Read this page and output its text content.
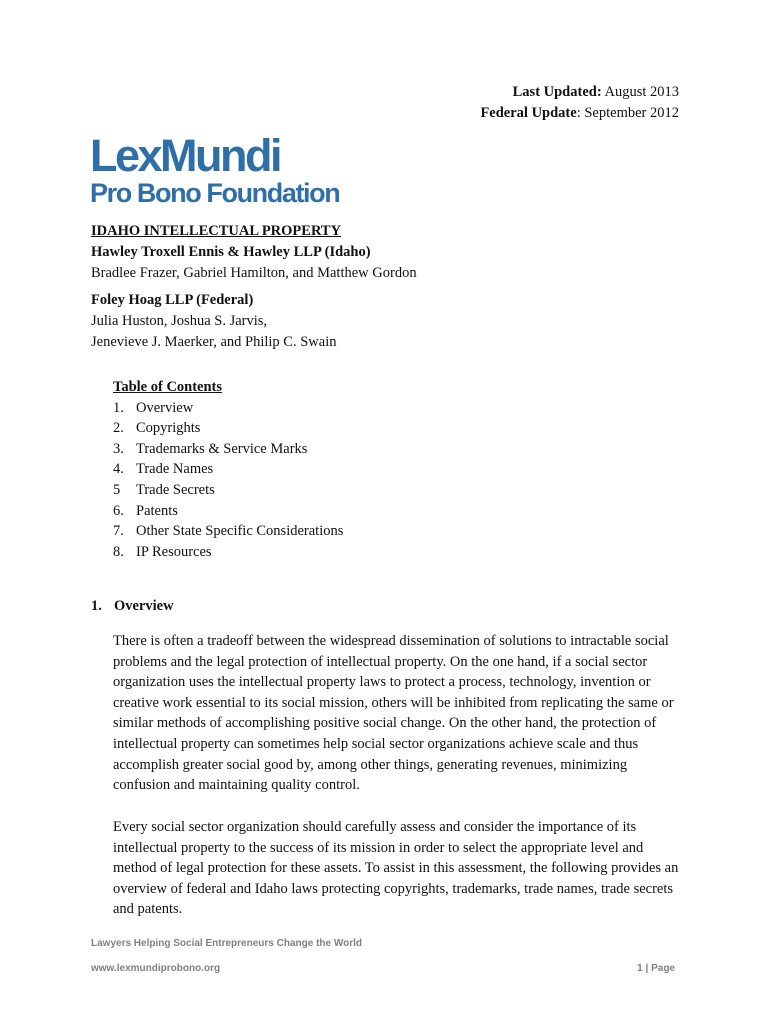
Last Updated: August 2013
Federal Update: September 2012
LexMundi
Pro Bono Foundation
IDAHO INTELLECTUAL PROPERTY
Hawley Troxell Ennis & Hawley LLP (Idaho)
Bradlee Frazer, Gabriel Hamilton, and Matthew Gordon
Foley Hoag LLP (Federal)
Julia Huston, Joshua S. Jarvis,
Jenevieve J. Maerker, and Philip C. Swain
Table of Contents
1. Overview
2. Copyrights
3. Trademarks & Service Marks
4. Trade Names
5 Trade Secrets
6. Patents
7. Other State Specific Considerations
8. IP Resources
1. Overview

There is often a tradeoff between the widespread dissemination of solutions to intractable social problems and the legal protection of intellectual property. On the one hand, if a social sector organization uses the intellectual property laws to protect a process, technology, invention or creative work essential to its social mission, others will be inhibited from replicating the same or similar methods of accomplishing positive social change. On the other hand, the protection of intellectual property can sometimes help social sector organizations achieve scale and thus accomplish greater social good by, among other things, generating revenues, minimizing confusion and maintaining quality control.

Every social sector organization should carefully assess and consider the importance of its intellectual property to the success of its mission in order to select the appropriate level and method of legal protection for these assets. To assist in this assessment, the following provides an overview of federal and Idaho laws protecting copyrights, trademarks, trade names, trade secrets and patents.

Lawyers Helping Social Entrepreneurs Change the World
www.lexmundiprobono.org	1 | Page
